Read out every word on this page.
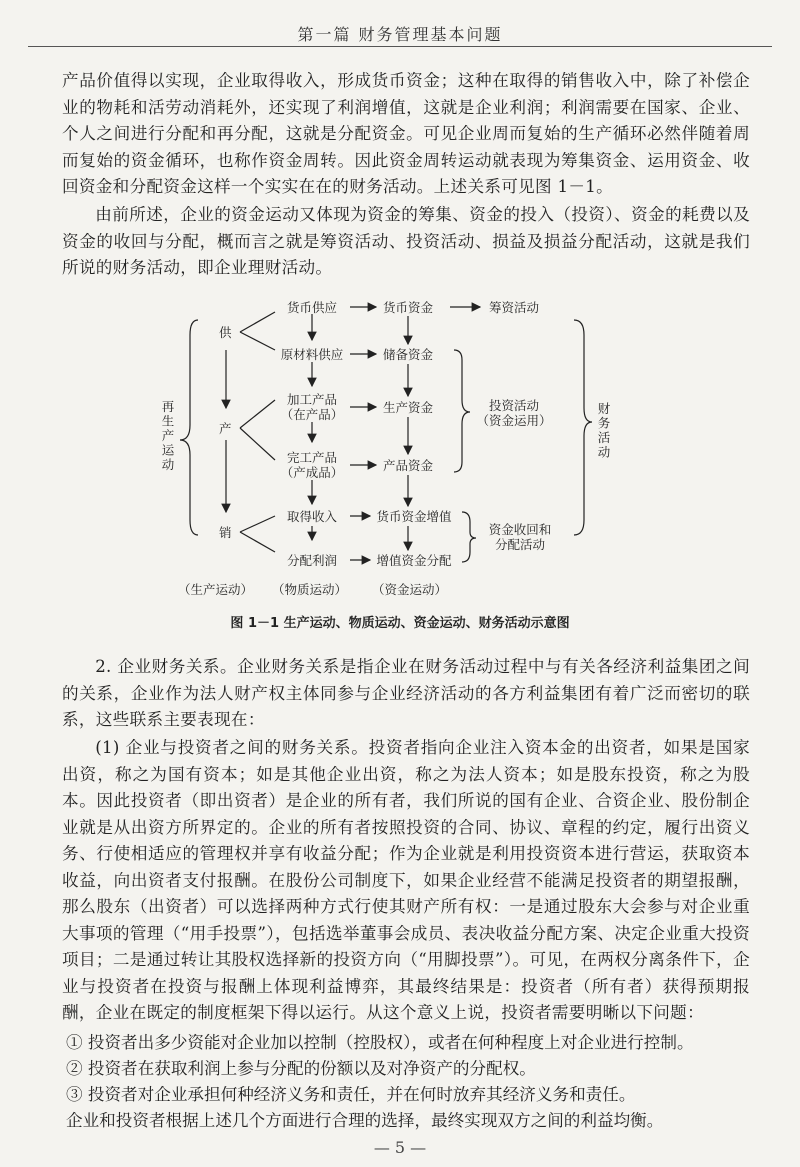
第一篇 财务管理基本问题

产品价值得以实现，企业取得收入，形成货币资金；这种在取得的销售收入中，除了补偿企业的物耗和活劳动消耗外，还实现了利润增值，这就是企业利润；利润需要在国家、企业、个人之间进行分配和再分配，这就是分配资金。可见企业周而复始的生产循环必然伴随着周而复始的资金循环，也称作资金周转。因此资金周转运动就表现为筹集资金、运用资金、收回资金和分配资金这样一个实实在在的财务活动。上述关系可见图 1－1。

由前所述，企业的资金运动又体现为资金的筹集、资金的投入（投资）、资金的耗费以及资金的收回与分配，概而言之就是筹资活动、投资活动、损益及损益分配活动，这就是我们所说的财务活动，即企业理财活动。

再生产运动
供
产
销
货币供应
原材料供应
加工产品
（在产品）
完工产品
（产成品）
取得收入
分配利润
货币资金
储备资金
生产资金
产品资金
货币资金增值
增值资金分配
筹资活动
投资活动
（资金运用）
资金收回和
分配活动
财务活动
（生产运动） （物质运动） （资金运动）
图 1－1 生产运动、物质运动、资金运动、财务活动示意图

2. 企业财务关系。企业财务关系是指企业在财务活动过程中与有关各经济利益集团之间的关系，企业作为法人财产权主体同参与企业经济活动的各方利益集团有着广泛而密切的联系，这些联系主要表现在：

(1) 企业与投资者之间的财务关系。投资者指向企业注入资本金的出资者，如果是国家出资，称之为国有资本；如是其他企业出资，称之为法人资本；如是股东投资，称之为股本。因此投资者（即出资者）是企业的所有者，我们所说的国有企业、合资企业、股份制企业就是从出资方所界定的。企业的所有者按照投资的合同、协议、章程的约定，履行出资义务、行使相适应的管理权并享有收益分配；作为企业就是利用投资资本进行营运，获取资本收益，向出资者支付报酬。在股份公司制度下，如果企业经营不能满足投资者的期望报酬，那么股东（出资者）可以选择两种方式行使其财产所有权：一是通过股东大会参与对企业重大事项的管理（“用手投票”），包括选举董事会成员、表决收益分配方案、决定企业重大投资项目；二是通过转让其股权选择新的投资方向（“用脚投票”）。可见，在两权分离条件下，企业与投资者在投资与报酬上体现利益博弈，其最终结果是：投资者（所有者）获得预期报酬，企业在既定的制度框架下得以运行。从这个意义上说，投资者需要明晰以下问题：

① 投资者出多少资能对企业加以控制（控股权），或者在何种程度上对企业进行控制。

② 投资者在获取利润上参与分配的份额以及对净资产的分配权。

③ 投资者对企业承担何种经济义务和责任，并在何时放弃其经济义务和责任。

企业和投资者根据上述几个方面进行合理的选择，最终实现双方之间的利益均衡。

— 5 —
